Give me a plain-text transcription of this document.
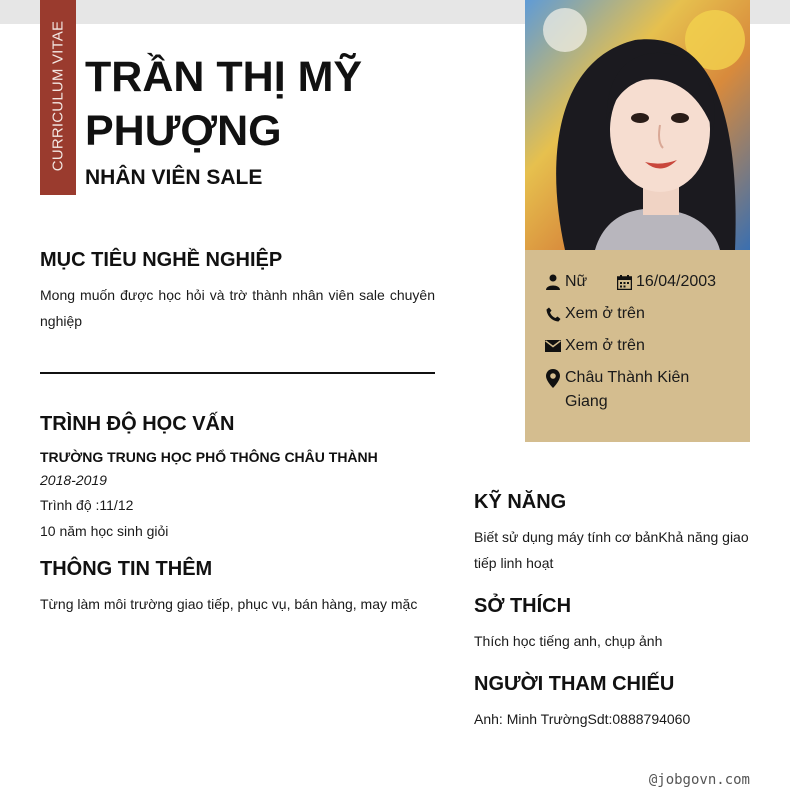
CURRICULUM VITAE TRẦN THỊ MỸ PHƯỢNG
NHÂN VIÊN SALE
Nữ	16/04/2003
Xem ở trên
Xem ở trên
Châu Thành Kiên Giang
MỤC TIÊU NGHỀ NGHIỆP
Mong muốn được học hỏi và trờ thành nhân viên sale chuyên nghiệp
TRÌNH ĐỘ HỌC VẤN
TRƯỜNG TRUNG HỌC PHỔ THÔNG CHÂU THÀNH
2018-2019
Trình độ :11/12
10 năm học sinh giỏi
THÔNG TIN THÊM
Từng làm môi trường giao tiếp, phục vụ, bán hàng, may mặc
KỸ NĂNG
Biết sử dụng máy tính cơ bảnKhả năng giao tiếp linh hoạt
SỞ THÍCH
Thích học tiếng anh, chụp ảnh
NGƯỜI THAM CHIẾU
Anh: Minh TrườngSdt:0888794060
@jobgovn.com
